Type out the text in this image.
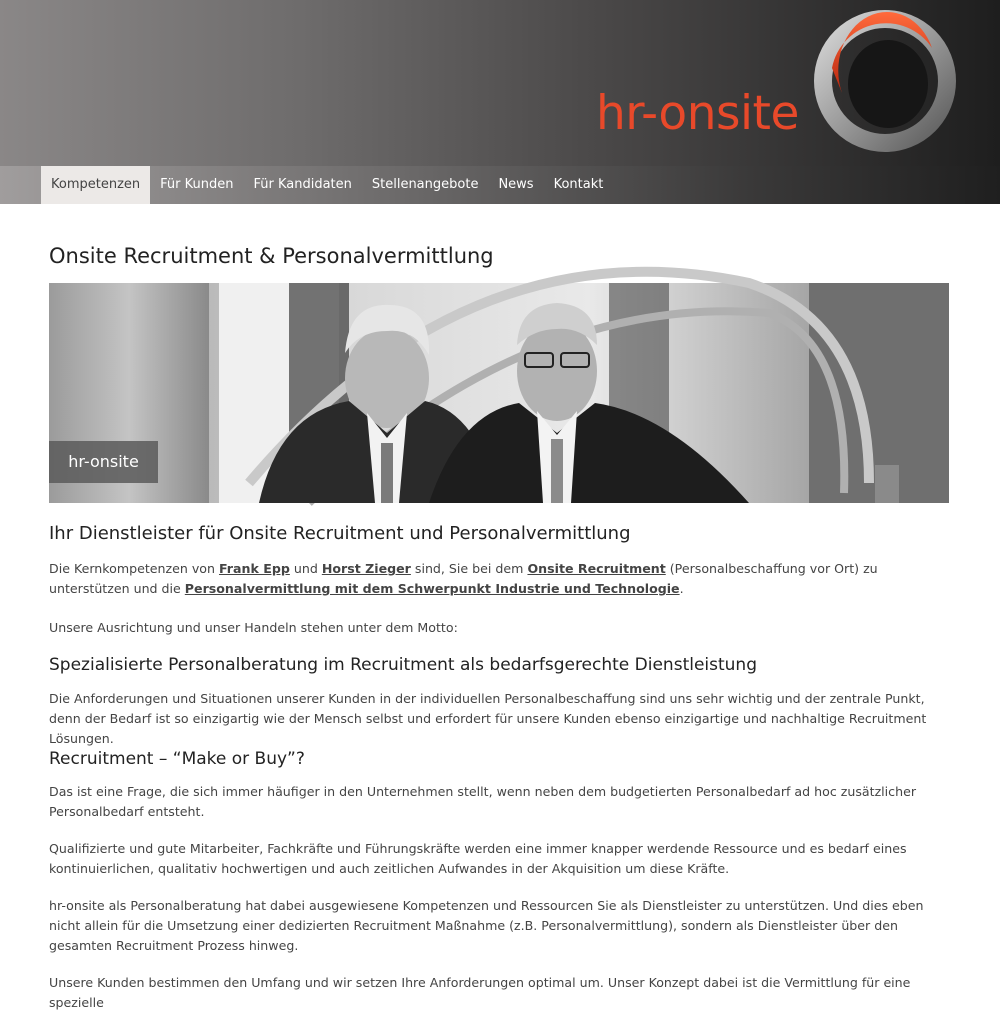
hr-onsite
Kompetenzen	Für Kunden	Für Kandidaten	Stellenangebote	News	Kontakt
Onsite Recruitment & Personalvermittlung
hr-onsite
Ihr Dienstleister für Onsite Recruitment und Personalvermittlung

Die Kernkompetenzen von Frank Epp und Horst Zieger sind, Sie bei dem Onsite Recruitment (Personalbeschaffung vor Ort) zu unterstützen und die Personalvermittlung mit dem Schwerpunkt Industrie und Technologie.

Unsere Ausrichtung und unser Handeln stehen unter dem Motto:

Spezialisierte Personalberatung im Recruitment als bedarfsgerechte Dienstleistung

Die Anforderungen und Situationen unserer Kunden in der individuellen Personalbeschaffung sind uns sehr wichtig und der zentrale Punkt, denn der Bedarf ist so einzigartig wie der Mensch selbst und erfordert für unsere Kunden ebenso einzigartige und nachhaltige Recruitment Lösungen.

Recruitment – “Make or Buy”?

Das ist eine Frage, die sich immer häufiger in den Unternehmen stellt, wenn neben dem budgetierten Personalbedarf ad hoc zusätzlicher Personalbedarf entsteht.

Qualifizierte und gute Mitarbeiter, Fachkräfte und Führungskräfte werden eine immer knapper werdende Ressource und es bedarf eines kontinuierlichen, qualitativ hochwertigen und auch zeitlichen Aufwandes in der Akquisition um diese Kräfte.

hr-onsite als Personalberatung hat dabei ausgewiesene Kompetenzen und Ressourcen Sie als Dienstleister zu unterstützen. Und dies eben nicht allein für die Umsetzung einer dedizierten Recruitment Maßnahme (z.B. Personalvermittlung), sondern als Dienstleister über den gesamten Recruitment Prozess hinweg.

Unsere Kunden bestimmen den Umfang und wir setzen Ihre Anforderungen optimal um. Unser Konzept dabei ist die Vermittlung für eine spezielle
